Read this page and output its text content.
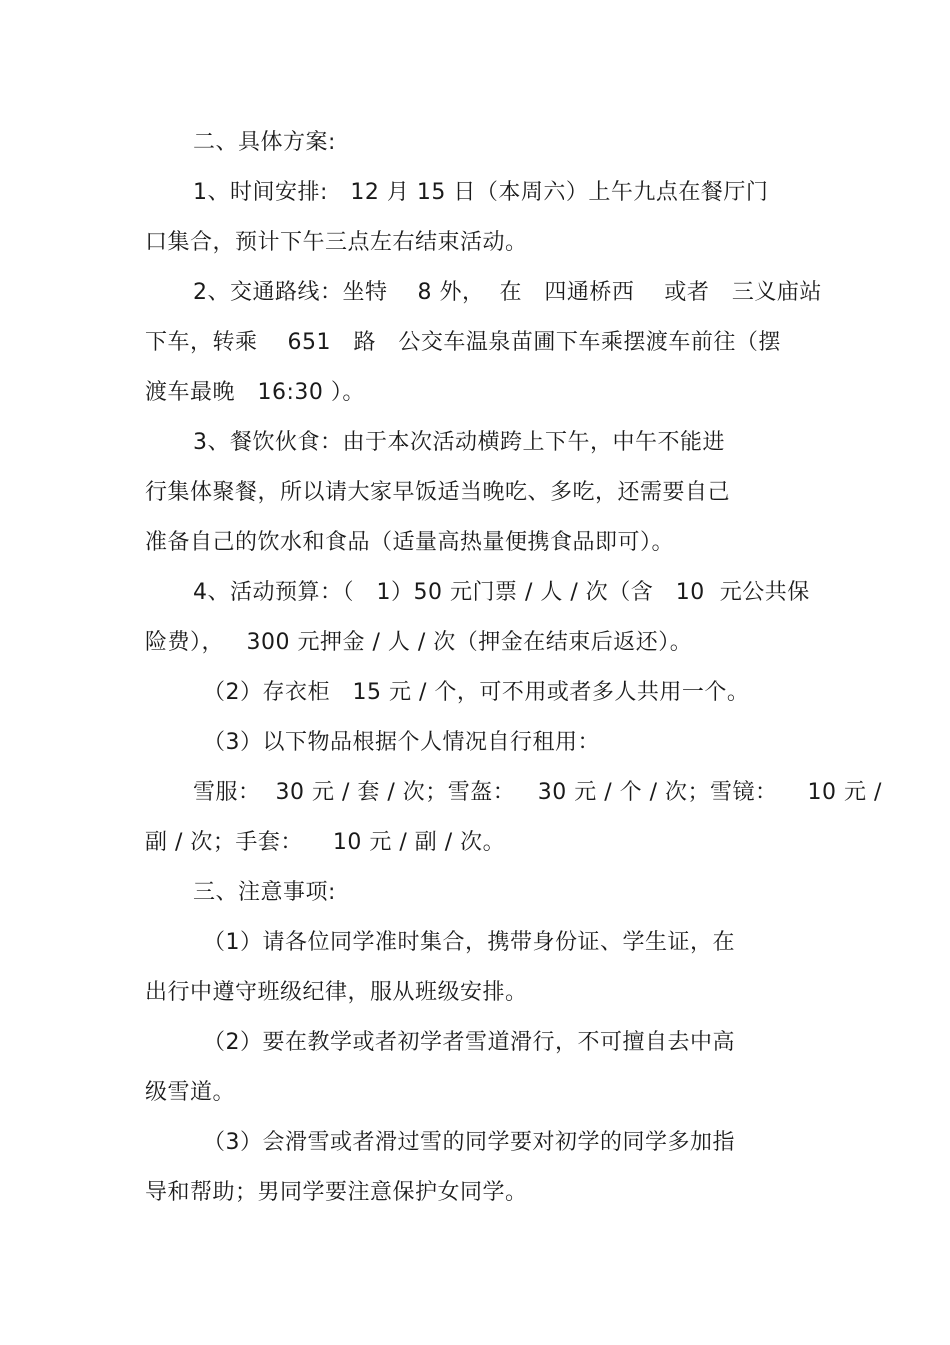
二、具体方案:
1、时间安排:   12 月 15 日（本周六）上午九点在餐厅门
口集合，预计下午三点左右结束活动。
2、交通路线：坐特    8 外，  在   四通桥西    或者   三义庙站
下车，转乘    651   路   公交车温泉苗圃下车乘摆渡车前往（摆
渡车最晚   16:30 ）。
3、餐饮伙食：由于本次活动横跨上下午，中午不能进
行集体聚餐，所以请大家早饭适当晚吃、多吃，还需要自己
准备自己的饮水和食品（适量高热量便携食品即可）。
4、活动预算：（   1）50 元门票 / 人 / 次（含   10  元公共保
险费），   300 元押金 / 人 / 次（押金在结束后返还）。
（2）存衣柜   15 元 / 个，可不用或者多人共用一个。
（3）以下物品根据个人情况自行租用：
雪服：  30 元 / 套 / 次；雪盔：   30 元 / 个 / 次；雪镜：    10 元 /
副 / 次；手套：    10 元 / 副 / 次。
三、注意事项:
（1）请各位同学准时集合，携带身份证、学生证，在
出行中遵守班级纪律，服从班级安排。
（2）要在教学或者初学者雪道滑行，不可擅自去中高
级雪道。
（3）会滑雪或者滑过雪的同学要对初学的同学多加指
导和帮助；男同学要注意保护女同学。
